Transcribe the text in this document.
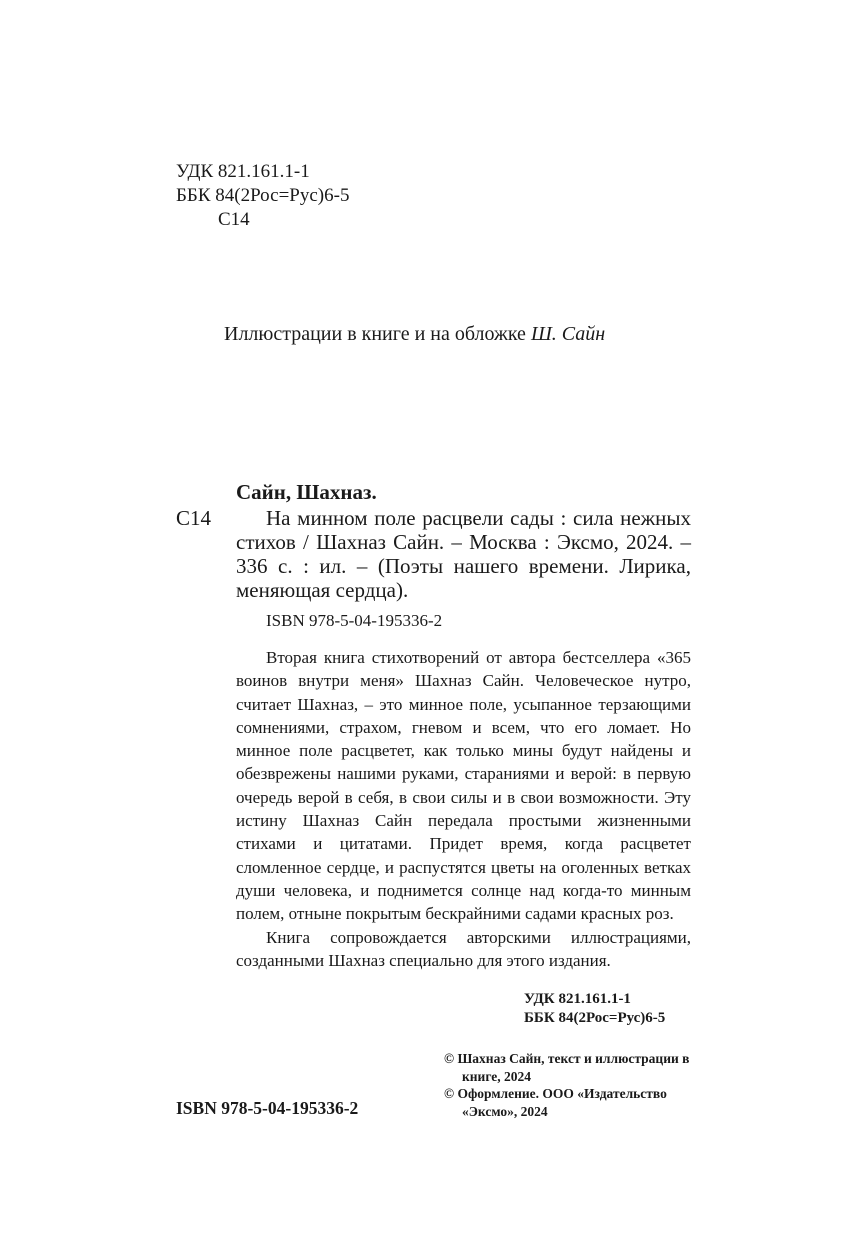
УДК 821.161.1-1
ББК 84(2Рос=Рус)6-5
С14
Иллюстрации в книге и на обложке Ш. Сайн
Сайн, Шахназ.
С14	На минном поле расцвели сады : сила нежных стихов / Шахназ Сайн. – Москва : Эксмо, 2024. – 336 с. : ил. – (Поэты нашего времени. Лирика, меняющая сердца).
ISBN 978-5-04-195336-2

Вторая книга стихотворений от автора бестселлера «365 воинов внутри меня» Шахназ Сайн. Человеческое нутро, считает Шахназ, – это минное поле, усыпанное терзающими сомнениями, страхом, гневом и всем, что его ломает. Но минное поле расцветет, как только мины будут найдены и обезврежены нашими руками, стараниями и верой: в первую очередь верой в себя, в свои силы и в свои возможности. Эту истину Шахназ Сайн передала простыми жизненными стихами и цитатами. Придет время, когда расцветет сломленное сердце, и распустятся цветы на оголенных ветках души человека, и поднимется солнце над когда-то минным полем, отныне покрытым бескрайними садами красных роз.

Книга сопровождается авторскими иллюстрациями, созданными Шахназ специально для этого издания.

УДК 821.161.1-1
ББК 84(2Рос=Рус)6-5

© Шахназ Сайн, текст и иллюстрации в книге, 2024

© Оформление. ООО «Издательство «Эксмо», 2024

ISBN 978-5-04-195336-2
